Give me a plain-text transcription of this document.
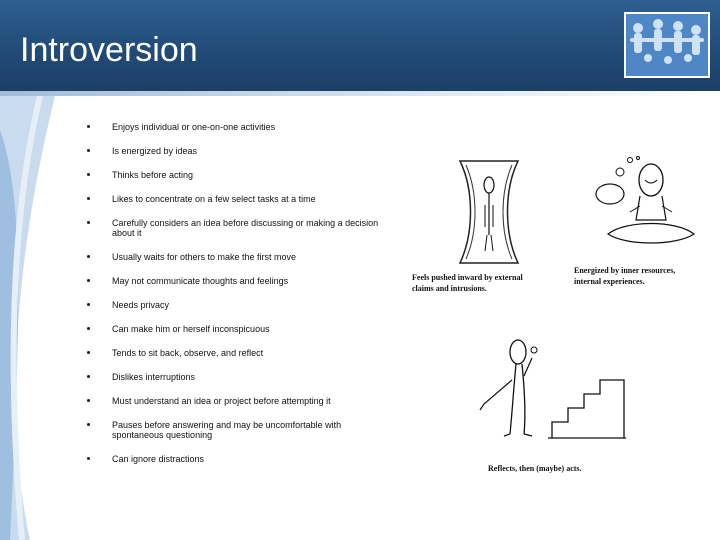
Introversion
Enjoys individual or one-on-one activities
Is energized by ideas
Thinks before acting
Likes to concentrate on a few select tasks at a time
Carefully considers an idea before discussing or making a decision about it
Usually waits for others to make the first move
May not communicate thoughts and feelings
Needs privacy
Can make him or herself inconspicuous
Tends to sit back, observe, and reflect
Dislikes interruptions
Must understand an idea or project before attempting it
Pauses before answering and may be uncomfortable with spontaneous questioning
Can ignore distractions
Feels pushed inward by external
claims and intrusions.
Energized by inner resources,
internal experiences.
Reflects, then (maybe) acts.
